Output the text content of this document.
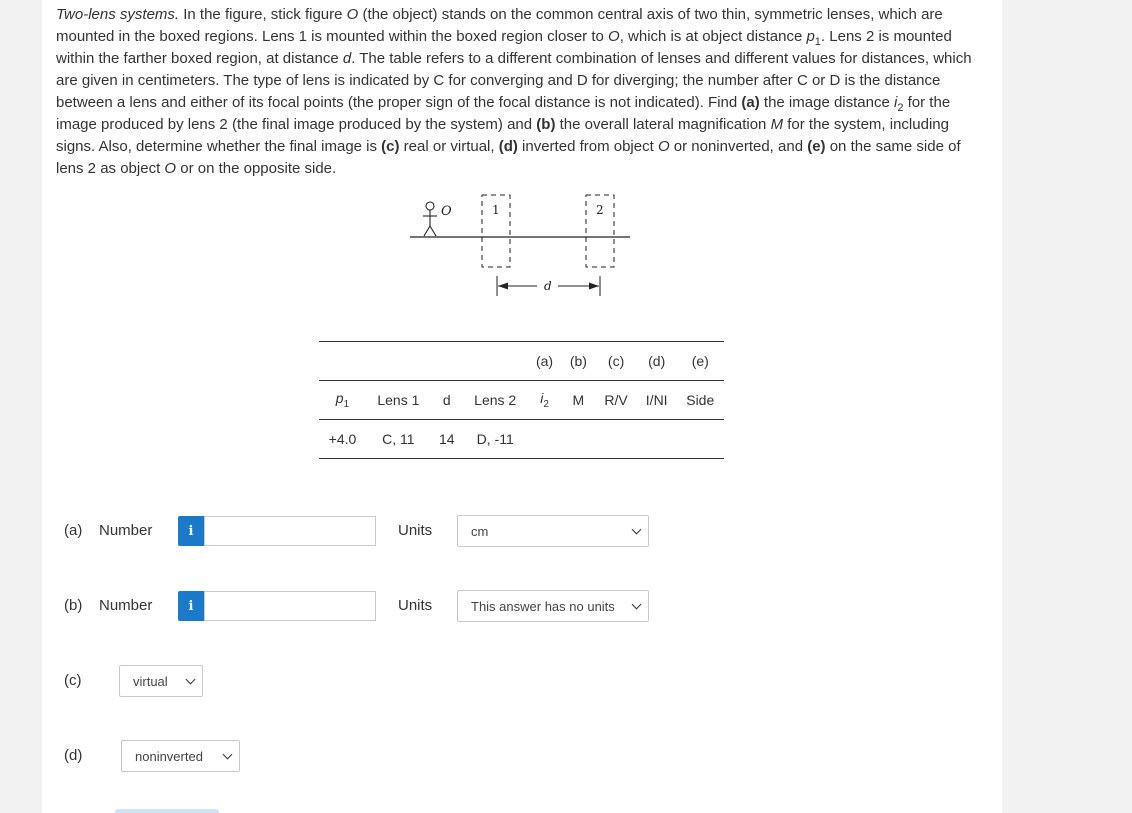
Two-lens systems. In the figure, stick figure O (the object) stands on the common central axis of two thin, symmetric lenses, which are mounted in the boxed regions. Lens 1 is mounted within the boxed region closer to O, which is at object distance $p_1$. Lens 2 is mounted within the farther boxed region, at distance d. The table refers to a different combination of lenses and different values for distances, which are given in centimeters. The type of lens is indicated by C for converging and D for diverging; the number after C or D is the distance between a lens and either of its focal points (the proper sign of the focal distance is not indicated). Find (a) the image distance $i_2$ for the image produced by lens 2 (the final image produced by the system) and (b) the overall lateral magnification M for the system, including signs. Also, determine whether the final image is (c) real or virtual, (d) inverted from object O or noninverted, and (e) on the same side of lens 2 as object O or on the opposite side.
O	1	2
d
				(a)	(b)	(c)	(d)	(e)
$p_1$	Lens 1	d	Lens 2	$i_2$	M	R/V	I/NI	Side
+4.0	C, 11	14	D, -11					
(a) Number	i	Units	cm
(b) Number	i	Units	This answer has no units
(c)	virtual
(d)	noninverted
